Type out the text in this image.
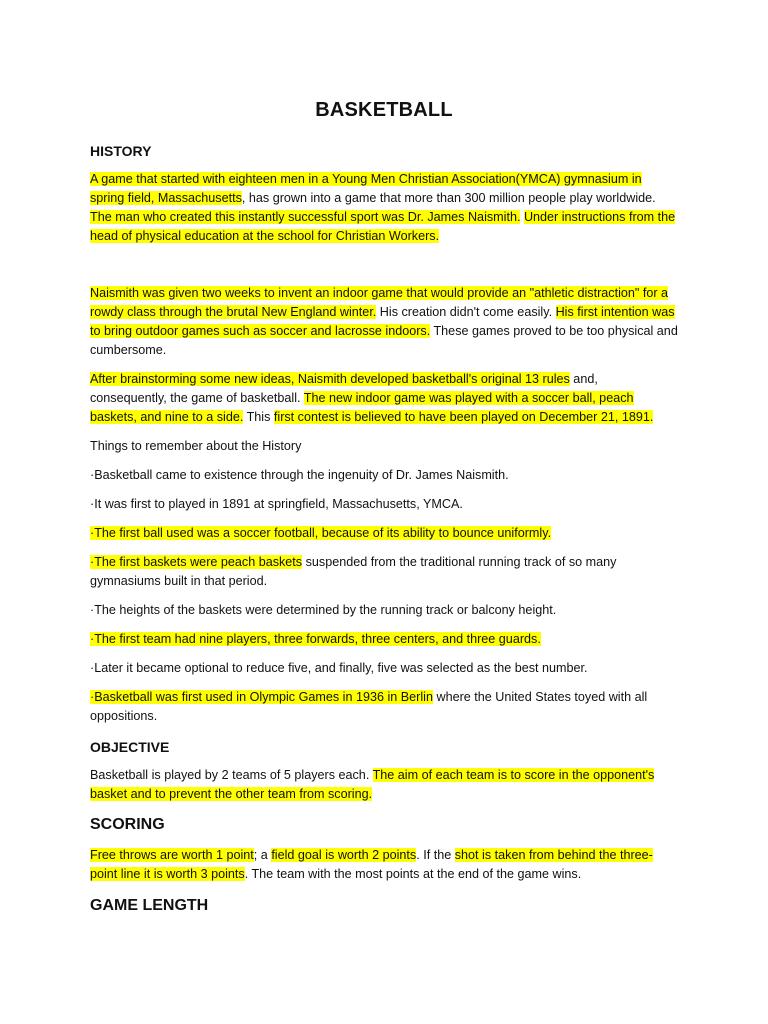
BASKETBALL
HISTORY

A game that started with eighteen men in a Young Men Christian Association(YMCA) gymnasium in spring field, Massachusetts, has grown into a game that more than 300 million people play worldwide. The man who created this instantly successful sport was Dr. James Naismith. Under instructions from the head of physical education at the school for Christian Workers.

Naismith was given two weeks to invent an indoor game that would provide an "athletic distraction" for a rowdy class through the brutal New England winter. His creation didn't come easily. His first intention was to bring outdoor games such as soccer and lacrosse indoors. These games proved to be too physical and cumbersome.

After brainstorming some new ideas, Naismith developed basketball's original 13 rules and, consequently, the game of basketball. The new indoor game was played with a soccer ball, peach baskets, and nine to a side. This first contest is believed to have been played on December 21, 1891.

Things to remember about the History

·Basketball came to existence through the ingenuity of Dr. James Naismith.

·It was first to played in 1891 at springfield, Massachusetts, YMCA.

·The first ball used was a soccer football, because of its ability to bounce uniformly.

·The first baskets were peach baskets suspended from the traditional running track of so many gymnasiums built in that period.

·The heights of the baskets were determined by the running track or balcony height.

·The first team had nine players, three forwards, three centers, and three guards.

·Later it became optional to reduce five, and finally, five was selected as the best number.

·Basketball was first used in Olympic Games in 1936 in Berlin where the United States toyed with all oppositions.

OBJECTIVE

Basketball is played by 2 teams of 5 players each. The aim of each team is to score in the opponent's basket and to prevent the other team from scoring.

SCORING

Free throws are worth 1 point; a field goal is worth 2 points. If the shot is taken from behind the three-point line it is worth 3 points. The team with the most points at the end of the game wins.

GAME LENGTH
